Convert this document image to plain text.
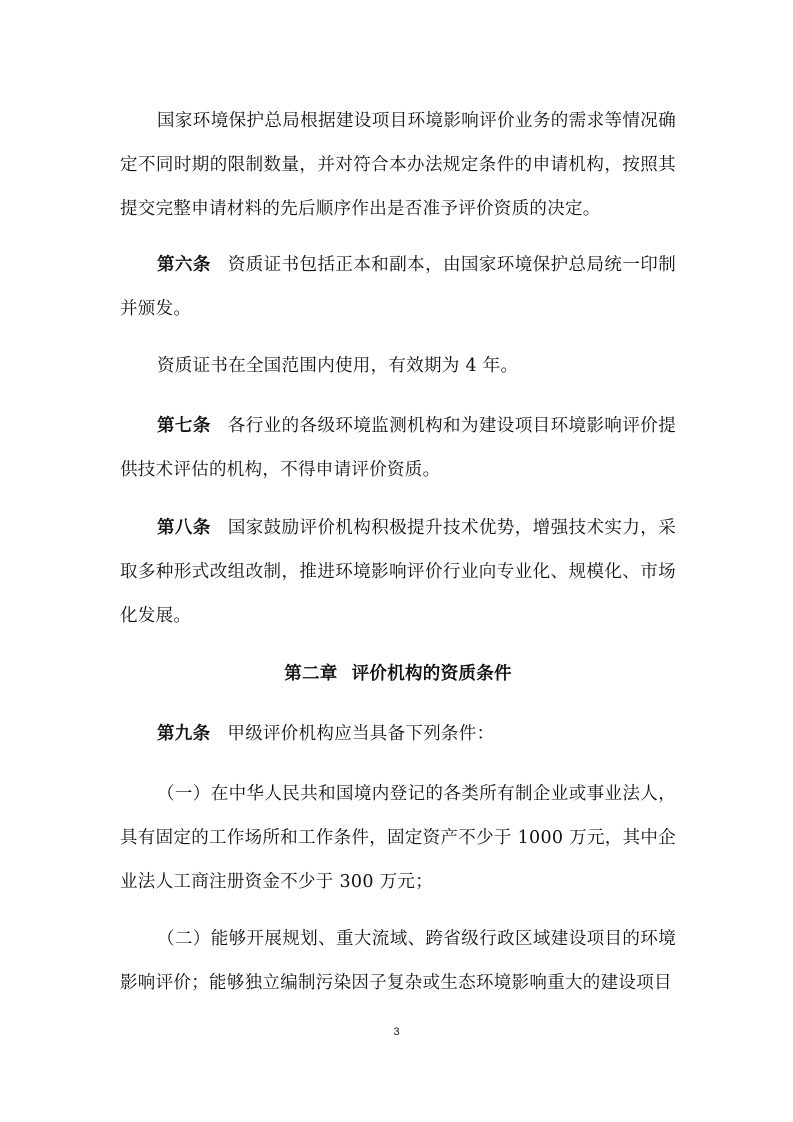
国家环境保护总局根据建设项目环境影响评价业务的需求等情况确定不同时期的限制数量，并对符合本办法规定条件的申请机构，按照其提交完整申请材料的先后顺序作出是否准予评价资质的决定。

第六条 资质证书包括正本和副本，由国家环境保护总局统一印制并颁发。

资质证书在全国范围内使用，有效期为 4 年。

第七条 各行业的各级环境监测机构和为建设项目环境影响评价提供技术评估的机构，不得申请评价资质。

第八条 国家鼓励评价机构积极提升技术优势，增强技术实力，采取多种形式改组改制，推进环境影响评价行业向专业化、规模化、市场化发展。

第二章 评价机构的资质条件

第九条 甲级评价机构应当具备下列条件：

（一）在中华人民共和国境内登记的各类所有制企业或事业法人，具有固定的工作场所和工作条件，固定资产不少于 1000 万元，其中企业法人工商注册资金不少于 300 万元；

（二）能够开展规划、重大流域、跨省级行政区域建设项目的环境影响评价；能够独立编制污染因子复杂或生态环境影响重大的建设项目

3
